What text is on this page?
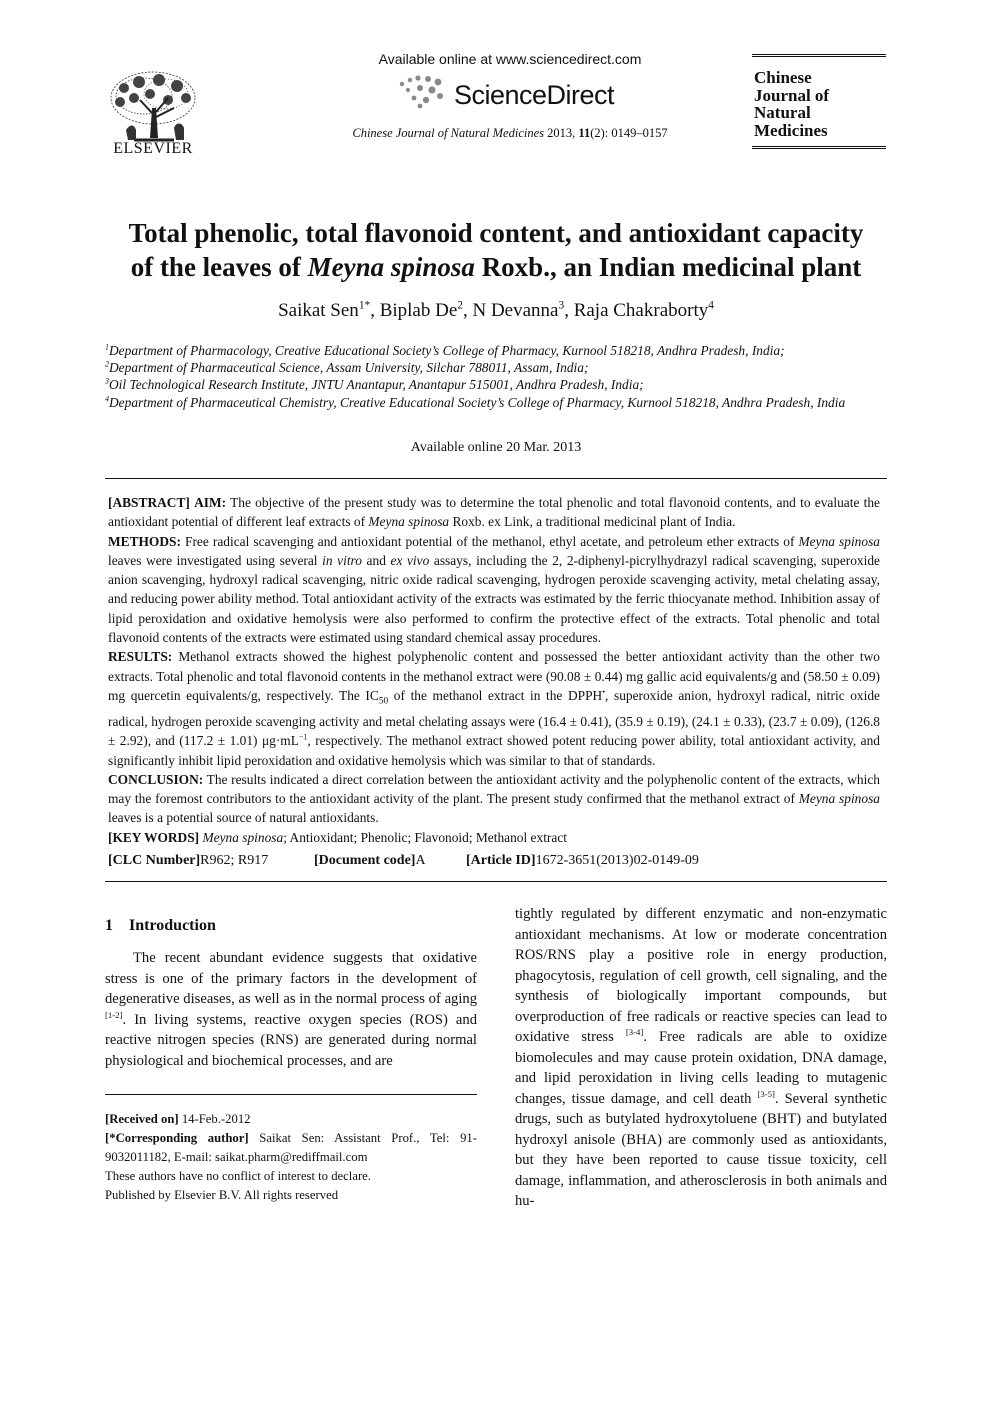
ELSEVIER
Available online at www.sciencedirect.com
ScienceDirect
Chinese Journal of Natural Medicines 2013, 11(2): 0149–0157
Chinese
Journal of
Natural
Medicines
Total phenolic, total flavonoid content, and antioxidant capacity
of the leaves of Meyna spinosa Roxb., an Indian medicinal plant
Saikat Sen$^{1*}$, Biplab De$^2$, N Devanna$^3$, Raja Chakraborty$^4$
$^1$Department of Pharmacology, Creative Educational Society’s College of Pharmacy, Kurnool 518218, Andhra Pradesh, India;
$^2$Department of Pharmaceutical Science, Assam University, Silchar 788011, Assam, India;
$^3$Oil Technological Research Institute, JNTU Anantapur, Anantapur 515001, Andhra Pradesh, India;
$^4$Department of Pharmaceutical Chemistry, Creative Educational Society’s College of Pharmacy, Kurnool 518218, Andhra Pradesh, India
Available online 20 Mar. 2013

[ABSTRACT] AIM: The objective of the present study was to determine the total phenolic and total flavonoid contents, and to evaluate the antioxidant potential of different leaf extracts of Meyna spinosa Roxb. ex Link, a traditional medicinal plant of India.

METHODS: Free radical scavenging and antioxidant potential of the methanol, ethyl acetate, and petroleum ether extracts of Meyna spinosa leaves were investigated using several in vitro and ex vivo assays, including the 2, 2-diphenyl-picrylhydrazyl radical scavenging, superoxide anion scavenging, hydroxyl radical scavenging, nitric oxide radical scavenging, hydrogen peroxide scavenging activity, metal chelating assay, and reducing power ability method. Total antioxidant activity of the extracts was estimated by the ferric thiocyanate method. Inhibition assay of lipid peroxidation and oxidative hemolysis were also performed to confirm the protective effect of the extracts. Total phenolic and total flavonoid contents of the extracts were estimated using standard chemical assay procedures.

RESULTS: Methanol extracts showed the highest polyphenolic content and possessed the better antioxidant activity than the other two extracts. Total phenolic and total flavonoid contents in the methanol extract were (90.08 ± 0.44) mg gallic acid equivalents/g and (58.50 ± 0.09) mg quercetin equivalents/g, respectively. The $IC_{50}$ of the methanol extract in the DPPH•, superoxide anion, hydroxyl radical, nitric oxide radical, hydrogen peroxide scavenging activity and metal chelating assays were (16.4 ± 0.41), (35.9 ± 0.19), (24.1 ± 0.33), (23.7 ± 0.09), (126.8 ± 2.92), and (117.2 ± 1.01) $\mu g\cdot mL^{-1}$, respectively. The methanol extract showed potent reducing power ability, total antioxidant activity, and significantly inhibit lipid peroxidation and oxidative hemolysis which was similar to that of standards.

CONCLUSION: The results indicated a direct correlation between the antioxidant activity and the polyphenolic content of the extracts, which may the foremost contributors to the antioxidant activity of the plant. The present study confirmed that the methanol extract of Meyna spinosa leaves is a potential source of natural antioxidants.

[KEY WORDS] Meyna spinosa; Antioxidant; Phenolic; Flavonoid; Methanol extract

[CLC Number] R962; R917	[Document code] A	[Article ID] 1672-3651(2013)02-0149-09
1    Introduction
The recent abundant evidence suggests that oxidative stress is one of the primary factors in the development of degenerative diseases, as well as in the normal process of aging [1-2]. In living systems, reactive oxygen species (ROS) and reactive nitrogen species (RNS) are generated during normal physiological and biochemical processes, and are
[Received on] 14-Feb.-2012
[*Corresponding author] Saikat Sen: Assistant Prof., Tel: 91-9032011182, E-mail: saikat.pharm@rediffmail.com
These authors have no conflict of interest to declare.
Published by Elsevier B.V. All rights reserved
tightly regulated by different enzymatic and non-enzymatic antioxidant mechanisms. At low or moderate concentration ROS/RNS play a positive role in energy production, phagocytosis, regulation of cell growth, cell signaling, and the synthesis of biologically important compounds, but overproduction of free radicals or reactive species can lead to oxidative stress [3-4]. Free radicals are able to oxidize biomolecules and may cause protein oxidation, DNA damage, and lipid peroxidation in living cells leading to mutagenic changes, tissue damage, and cell death [3-5]. Several synthetic drugs, such as butylated hydroxytoluene (BHT) and butylated hydroxyl anisole (BHA) are commonly used as antioxidants, but they have been reported to cause tissue toxicity, cell damage, inflammation, and atherosclerosis in both animals and hu-
